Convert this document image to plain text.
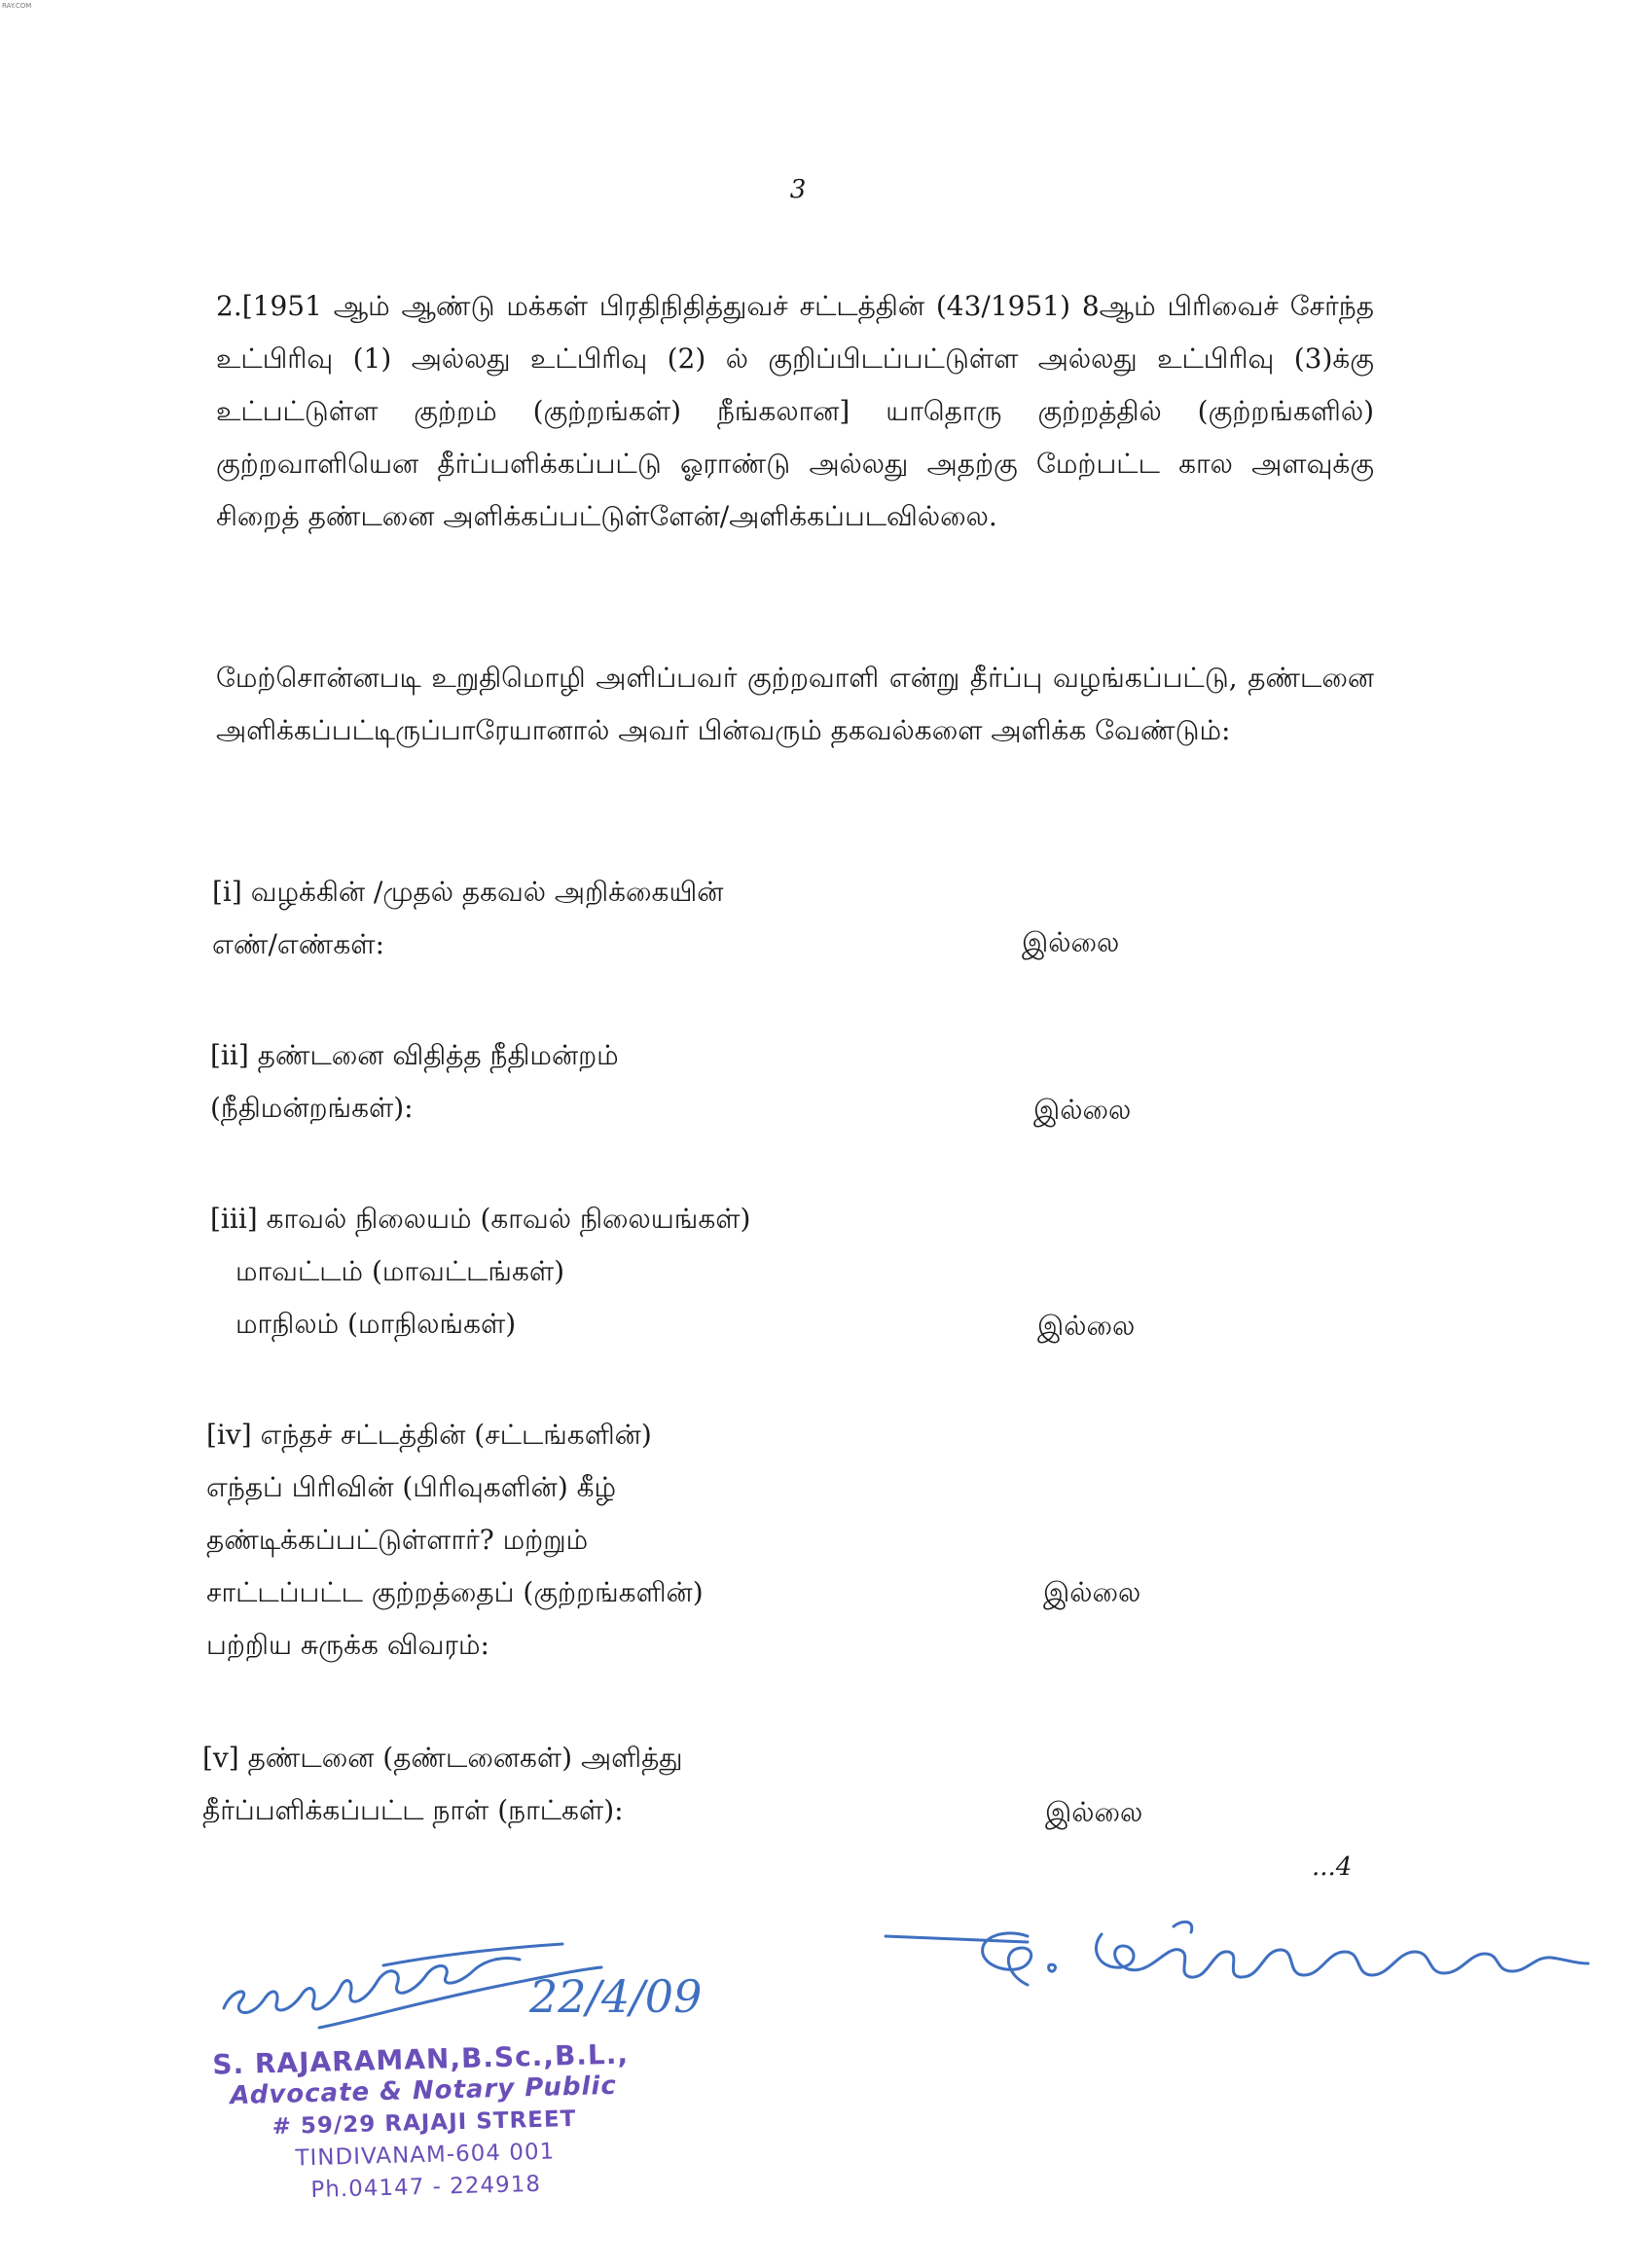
RAY.COM
3
2.[1951 ஆம் ஆண்டு மக்கள் பிரதிநிதித்துவச் சட்டத்தின் (43/1951) 8ஆம் பிரிவைச் சேர்ந்த உட்பிரிவு (1) அல்லது உட்பிரிவு (2) ல் குறிப்பிடப்பட்டுள்ள அல்லது உட்பிரிவு (3)க்கு உட்பட்டுள்ள குற்றம் (குற்றங்கள்) நீங்கலான] யாதொரு குற்றத்தில் (குற்றங்களில்) குற்றவாளியென தீர்ப்பளிக்கப்பட்டு ஓராண்டு அல்லது அதற்கு மேற்பட்ட கால அளவுக்கு சிறைத் தண்டனை அளிக்கப்பட்டுள்ளேன்/அளிக்கப்படவில்லை.
மேற்சொன்னபடி உறுதிமொழி அளிப்பவர் குற்றவாளி என்று தீர்ப்பு வழங்கப்பட்டு, தண்டனை அளிக்கப்பட்டிருப்பாரேயானால் அவர் பின்வரும் தகவல்களை அளிக்க வேண்டும்:
[i] வழக்கின் /முதல் தகவல் அறிக்கையின்
எண்/எண்கள்:	இல்லை
[ii] தண்டனை விதித்த நீதிமன்றம்
(நீதிமன்றங்கள்):	இல்லை
[iii] காவல் நிலையம் (காவல் நிலையங்கள்)
மாவட்டம் (மாவட்டங்கள்)
மாநிலம் (மாநிலங்கள்)	இல்லை
[iv] எந்தச் சட்டத்தின் (சட்டங்களின்)
எந்தப் பிரிவின் (பிரிவுகளின்) கீழ்
தண்டிக்கப்பட்டுள்ளார்? மற்றும்
சாட்டப்பட்ட குற்றத்தைப் (குற்றங்களின்)
பற்றிய சுருக்க விவரம்:
இல்லை
[v] தண்டனை (தண்டனைகள்) அளித்து
தீர்ப்பளிக்கப்பட்ட நாள் (நாட்கள்):	இல்லை
...4
22/4/09
S. RAJARAMAN,B.Sc.,B.L.,
Advocate & Notary Public
# 59/29 RAJAJI STREET
TINDIVANAM-604 001
Ph.04147 - 224918
